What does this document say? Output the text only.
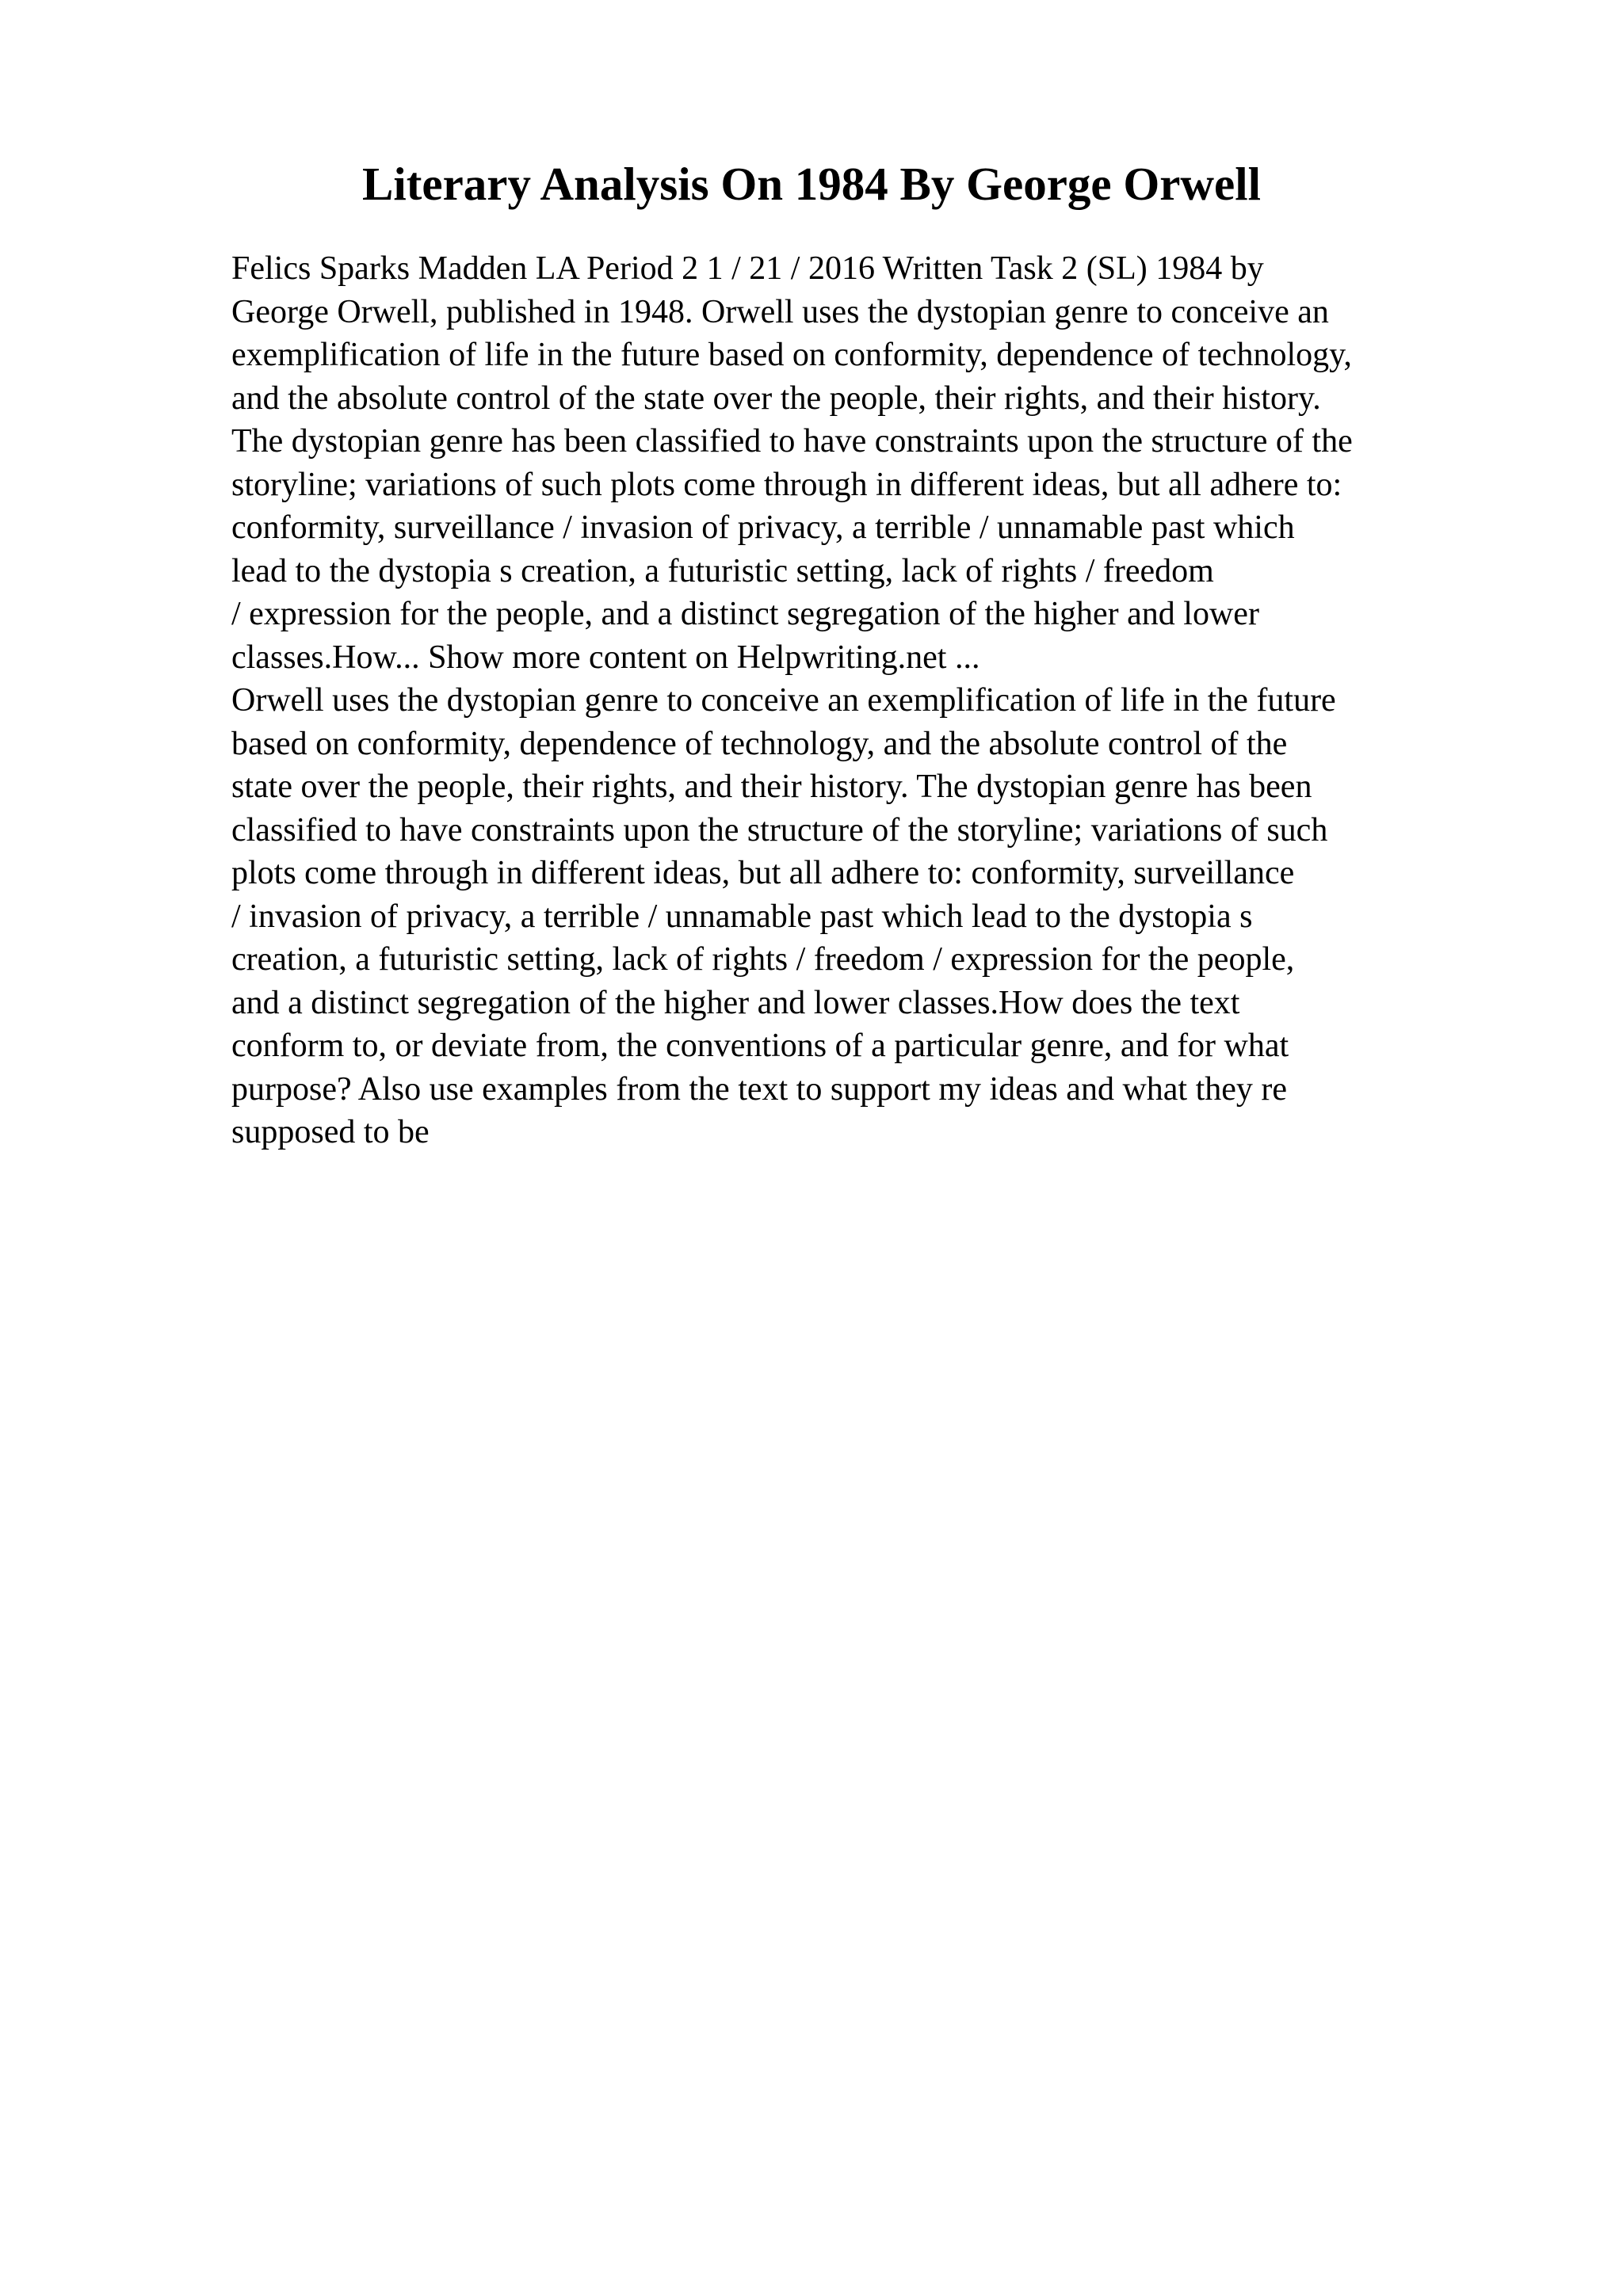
Literary Analysis On 1984 By George Orwell

Felics Sparks Madden LA Period 2 1 / 21 / 2016 Written Task 2 (SL) 1984 by
George Orwell, published in 1948. Orwell uses the dystopian genre to conceive an
exemplification of life in the future based on conformity, dependence of technology,
and the absolute control of the state over the people, their rights, and their history.
The dystopian genre has been classified to have constraints upon the structure of the
storyline; variations of such plots come through in different ideas, but all adhere to:
conformity, surveillance / invasion of privacy, a terrible / unnamable past which
lead to the dystopia s creation, a futuristic setting, lack of rights / freedom
/ expression for the people, and a distinct segregation of the higher and lower
classes.How... Show more content on Helpwriting.net ...

Orwell uses the dystopian genre to conceive an exemplification of life in the future
based on conformity, dependence of technology, and the absolute control of the
state over the people, their rights, and their history. The dystopian genre has been
classified to have constraints upon the structure of the storyline; variations of such
plots come through in different ideas, but all adhere to: conformity, surveillance
/ invasion of privacy, a terrible / unnamable past which lead to the dystopia s
creation, a futuristic setting, lack of rights / freedom / expression for the people,
and a distinct segregation of the higher and lower classes.How does the text
conform to, or deviate from, the conventions of a particular genre, and for what
purpose? Also use examples from the text to support my ideas and what they re
supposed to be
